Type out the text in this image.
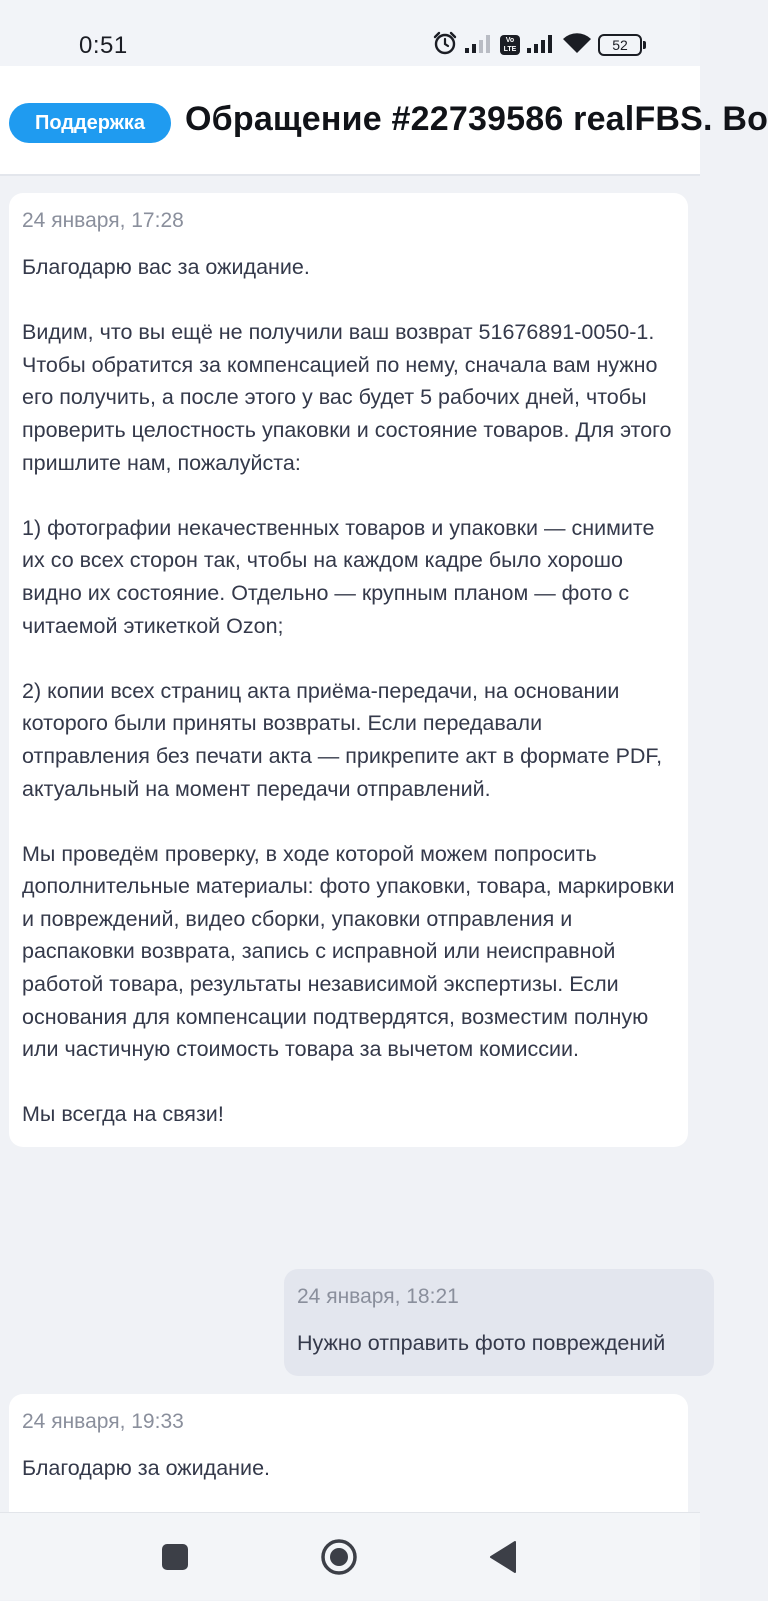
0:51	Vo
LTE	52
Поддержка	Обращение #22739586 realFBS. Во
24 января, 17:28
Благодарю вас за ожидание.

Видим, что вы ещё не получили ваш возврат 51676891-0050-1. Чтобы обратится за компенсацией по нему, сначала вам нужно его получить, а после этого у вас будет 5 рабочих дней, чтобы проверить целостность упаковки и состояние товаров. Для этого пришлите нам, пожалуйста:

1) фотографии некачественных товаров и упаковки — снимите их со всех сторон так, чтобы на каждом кадре было хорошо видно их состояние. Отдельно — крупным планом — фото с читаемой этикеткой Ozon;

2) копии всех страниц акта приёма-передачи, на основании которого были приняты возвраты. Если передавали отправления без печати акта — прикрепите акт в формате PDF, актуальный на момент передачи отправлений.

Мы проведём проверку, в ходе которой можем попросить дополнительные материалы: фото упаковки, товара, маркировки и повреждений, видео сборки, упаковки отправления и распаковки возврата, запись с исправной или неисправной работой товара, результаты независимой экспертизы. Если основания для компенсации подтвердятся, возместим полную или частичную стоимость товара за вычетом комиссии.

Мы всегда на связи!
24 января, 18:21
Нужно отправить фото повреждений
24 января, 19:33
Благодарю за ожидание.
